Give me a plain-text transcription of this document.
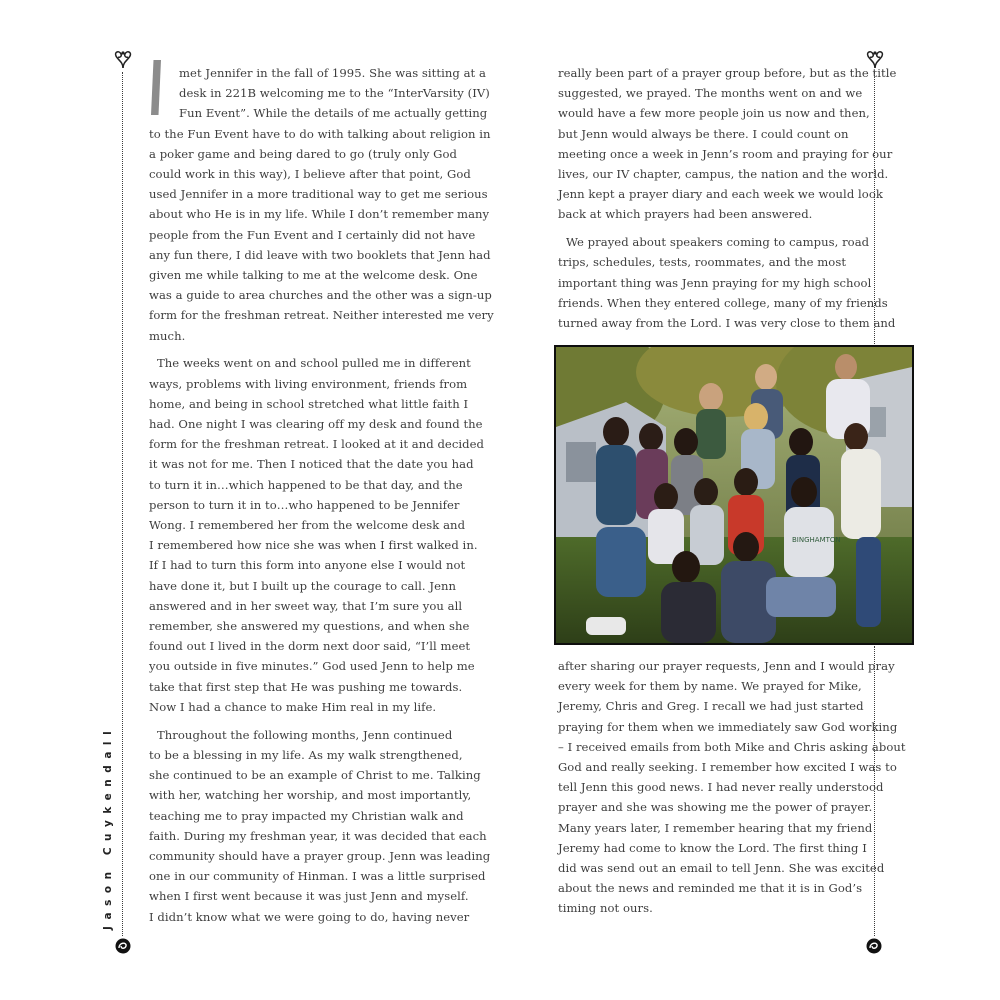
Jason Cuykendall
met Jennifer in the fall of 1995. She was sitting at a
desk in 221B welcoming me to the “InterVarsity (IV)
Fun Event”. While the details of me actually getting
to the Fun Event have to do with talking about religion in
a poker game and being dared to go (truly only God
could work in this way), I believe after that point, God
used Jennifer in a more traditional way to get me serious
about who He is in my life. While I don’t remember many
people from the Fun Event and I certainly did not have
any fun there, I did leave with two booklets that Jenn had
given me while talking to me at the welcome desk. One
was a guide to area churches and the other was a sign-up
form for the freshman retreat. Neither interested me very
much.
The weeks went on and school pulled me in different
ways, problems with living environment, friends from
home, and being in school stretched what little faith I
had. One night I was clearing off my desk and found the
form for the freshman retreat. I looked at it and decided
it was not for me. Then I noticed that the date you had
to turn it in…which happened to be that day, and the
person to turn it in to…who happened to be Jennifer
Wong. I remembered her from the welcome desk and
I remembered how nice she was when I first walked in.
If I had to turn this form into anyone else I would not
have done it, but I built up the courage to call. Jenn
answered and in her sweet way, that I’m sure you all
remember, she answered my questions, and when she
found out I lived in the dorm next door said, “I’ll meet
you outside in five minutes.” God used Jenn to help me
take that first step that He was pushing me towards.
Now I had a chance to make Him real in my life.
Throughout the following months, Jenn continued
to be a blessing in my life. As my walk strengthened,
she continued to be an example of Christ to me. Talking
with her, watching her worship, and most importantly,
teaching me to pray impacted my Christian walk and
faith. During my freshman year, it was decided that each
community should have a prayer group. Jenn was leading
one in our community of Hinman. I was a little surprised
when I first went because it was just Jenn and myself.
I didn’t know what we were going to do, having never
really been part of a prayer group before, but as the title
suggested, we prayed. The months went on and we
would have a few more people join us now and then,
but Jenn would always be there. I could count on
meeting once a week in Jenn’s room and praying for our
lives, our IV chapter, campus, the nation and the world.
Jenn kept a prayer diary and each week we would look
back at which prayers had been answered.
We prayed about speakers coming to campus, road
trips, schedules, tests, roommates, and the most
important thing was Jenn praying for my high school
friends. When they entered college, many of my friends
turned away from the Lord. I was very close to them and
BINGHAMTON
after sharing our prayer requests, Jenn and I would pray
every week for them by name. We prayed for Mike,
Jeremy, Chris and Greg. I recall we had just started
praying for them when we immediately saw God working
– I received emails from both Mike and Chris asking about
God and really seeking. I remember how excited I was to
tell Jenn this good news. I had never really understood
prayer and she was showing me the power of prayer.
Many years later, I remember hearing that my friend
Jeremy had come to know the Lord. The first thing I
did was send out an email to tell Jenn. She was excited
about the news and reminded me that it is in God’s
timing not ours.
